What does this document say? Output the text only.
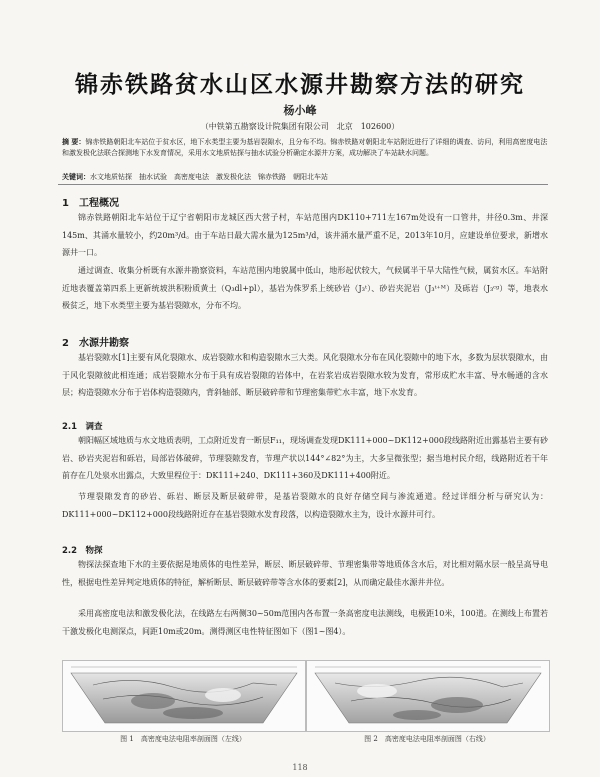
锦赤铁路贫水山区水源井勘察方法的研究
杨小峰
（中铁第五勘察设计院集团有限公司　北京　102600）
摘 要：锦赤铁路朝阳北车站位于贫水区，地下水类型主要为基岩裂隙水，且分布不均。锦赤铁路对朝阳北车站附近进行了详细的调查、访问，利用高密度电法和激发极化法联合探测地下水发育情况，采用水文地质钻探与抽水试验分析确定水源井方案，成功解决了车站缺水问题。
关键词：水文地质钻探　抽水试验　高密度电法　激发极化法　锦赤铁路　朝阳北车站
1　工程概况
锦赤铁路朝阳北车站位于辽宁省朝阳市龙城区西大营子村，车站范围内DK110+711左167m处设有一口管井，井径0.3m、井深145m、其涌水量较小，约20m³/d。由于车站日最大需水量为125m³/d，该井涌水量严重不足，2013年10月，应建设单位要求，新增水源井一口。
通过调查、收集分析既有水源井勘察资料，车站范围内地貌属中低山，地形起伏较大，气候属半干旱大陆性气候，属贫水区。车站附近地表覆盖第四系上更新统坡洪积粉质黄土（Q₃dl+pl），基岩为侏罗系上统砂岩（J₃ᵗ）、砂岩夹泥岩（J₃ᵗ⁺ᴹ）及砾岩（J₃ᶜᵍ）等，地表水极贫乏，地下水类型主要为基岩裂隙水，分布不均。
2　水源井勘察
基岩裂隙水[1]主要有风化裂隙水、成岩裂隙水和构造裂隙水三大类。风化裂隙水分布在风化裂隙中的地下水，多数为层状裂隙水，由于风化裂隙彼此相连通；成岩裂隙水分布于具有成岩裂隙的岩体中，在岩浆岩成岩裂隙水较为发育，常形成贮水丰富、导水畅通的含水层；构造裂隙水分布于岩体构造裂隙内，背斜轴部、断层破碎带和节理密集带贮水丰富，地下水发育。
2.1　调查
朝阳幅区域地质与水文地质表明，工点附近发育一断层F₁₁，现场调查发现DK111+000~DK112+000段线路附近出露基岩主要有砂岩、砂岩夹泥岩和砾岩，局部岩体破碎，节理裂隙发育，节理产状以144°∠82°为主，大多呈微张型；据当地村民介绍，线路附近若干年前存在几处泉水出露点，大致里程位于：DK111+240、DK111+360及DK111+400附近。
节理裂隙发育的砂岩、砾岩、断层及断层破碎带，是基岩裂隙水的良好存储空间与渗流通道。经过详细分析与研究认为：DK111+000~DK112+000段线路附近存在基岩裂隙水发育段落，以构造裂隙水主为，设计水源井可行。
2.2　物探
物探法探查地下水的主要依据是地质体的电性差异，断层、断层破碎带、节理密集带等地质体含水后，对比相对隔水层一般呈高导电性，根据电性差异判定地质体的特征，解析断层、断层破碎带等含水体的要素[2]，从而确定最佳水源井井位。
采用高密度电法和激发极化法，在线路左右两侧30~50m范围内各布置一条高密度电法测线，电极距10米，100道。在测线上布置若干激发极化电测深点，间距10m或20m。测得测区电性特征图如下（图1~图4）。
图 1　高密度电法电阻率剖面图（左线）	图 2　高密度电法电阻率剖面图（右线）
118
